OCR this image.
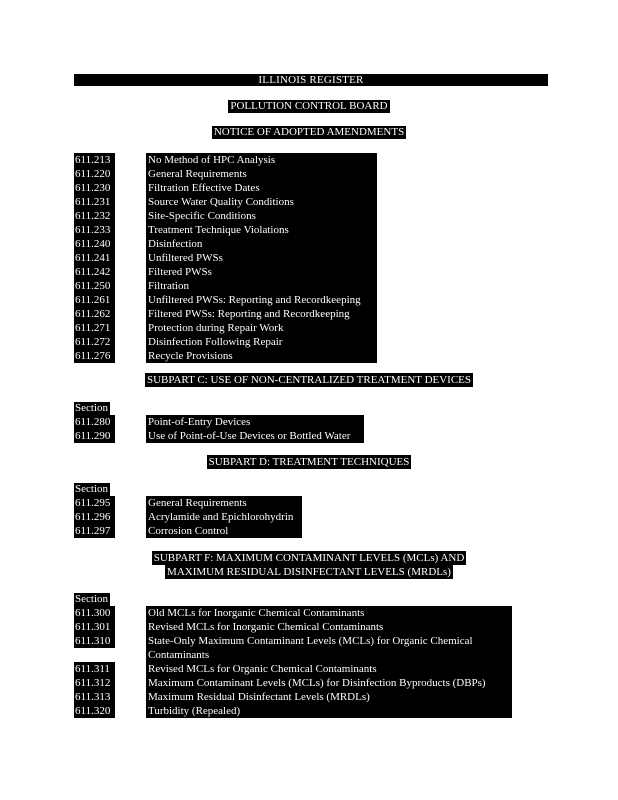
ILLINOIS REGISTER
POLLUTION CONTROL BOARD
NOTICE OF ADOPTED AMENDMENTS
611.213	No Method of HPC Analysis
611.220	General Requirements
611.230	Filtration Effective Dates
611.231	Source Water Quality Conditions
611.232	Site-Specific Conditions
611.233	Treatment Technique Violations
611.240	Disinfection
611.241	Unfiltered PWSs
611.242	Filtered PWSs
611.250	Filtration
611.261	Unfiltered PWSs: Reporting and Recordkeeping
611.262	Filtered PWSs: Reporting and Recordkeeping
611.271	Protection during Repair Work
611.272	Disinfection Following Repair
611.276	Recycle Provisions
SUBPART C: USE OF NON-CENTRALIZED TREATMENT DEVICES
Section
611.280	Point-of-Entry Devices
611.290	Use of Point-of-Use Devices or Bottled Water
SUBPART D: TREATMENT TECHNIQUES
Section
611.295	General Requirements
611.296	Acrylamide and Epichlorohydrin
611.297	Corrosion Control
SUBPART F: MAXIMUM CONTAMINANT LEVELS (MCLs) AND
MAXIMUM RESIDUAL DISINFECTANT LEVELS (MRDLs)
Section
611.300	Old MCLs for Inorganic Chemical Contaminants
611.301	Revised MCLs for Inorganic Chemical Contaminants
611.310	State-Only Maximum Contaminant Levels (MCLs) for Organic Chemical Contaminants
611.311	Revised MCLs for Organic Chemical Contaminants
611.312	Maximum Contaminant Levels (MCLs) for Disinfection Byproducts (DBPs)
611.313	Maximum Residual Disinfectant Levels (MRDLs)
611.320	Turbidity (Repealed)
